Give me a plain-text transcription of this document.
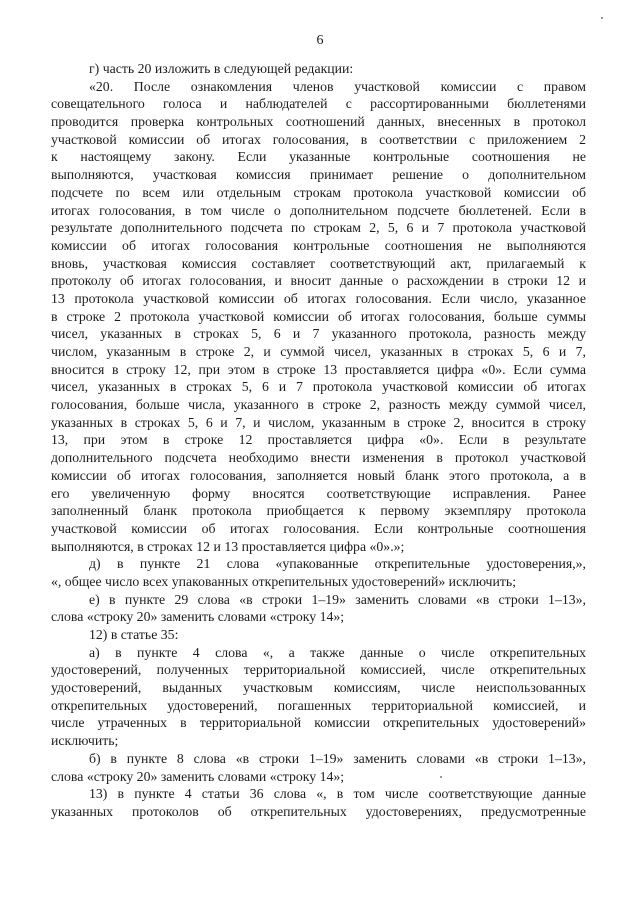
6
г) часть 20 изложить в следующей редакции:
«20. После ознакомления членов участковой комиссии с правом
совещательного голоса и наблюдателей с рассортированными бюллетенями
проводится проверка контрольных соотношений данных, внесенных в протокол
участковой комиссии об итогах голосования, в соответствии с приложением 2
к настоящему закону. Если указанные контрольные соотношения не
выполняются, участковая комиссия принимает решение о дополнительном
подсчете по всем или отдельным строкам протокола участковой комиссии об
итогах голосования, в том числе о дополнительном подсчете бюллетеней. Если в
результате дополнительного подсчета по строкам 2, 5, 6 и 7 протокола участковой
комиссии об итогах голосования контрольные соотношения не выполняются
вновь, участковая комиссия составляет соответствующий акт, прилагаемый к
протоколу об итогах голосования, и вносит данные о расхождении в строки 12 и
13 протокола участковой комиссии об итогах голосования. Если число, указанное
в строке 2 протокола участковой комиссии об итогах голосования, больше суммы
чисел, указанных в строках 5, 6 и 7 указанного протокола, разность между
числом, указанным в строке 2, и суммой чисел, указанных в строках 5, 6 и 7,
вносится в строку 12, при этом в строке 13 проставляется цифра «0». Если сумма
чисел, указанных в строках 5, 6 и 7 протокола участковой комиссии об итогах
голосования, больше числа, указанного в строке 2, разность между суммой чисел,
указанных в строках 5, 6 и 7, и числом, указанным в строке 2, вносится в строку
13, при этом в строке 12 проставляется цифра «0». Если в результате
дополнительного подсчета необходимо внести изменения в протокол участковой
комиссии об итогах голосования, заполняется новый бланк этого протокола, а в
его увеличенную форму вносятся соответствующие исправления. Ранее
заполненный бланк протокола приобщается к первому экземпляру протокола
участковой комиссии об итогах голосования. Если контрольные соотношения
выполняются, в строках 12 и 13 проставляется цифра «0».»;
д) в пункте 21 слова «упакованные открепительные удостоверения,»,
«, общее число всех упакованных открепительных удостоверений» исключить;
е) в пункте 29 слова «в строки 1–19» заменить словами «в строки 1–13»,
слова «строку 20» заменить словами «строку 14»;
12) в статье 35:
а) в пункте 4 слова «, а также данные о числе открепительных
удостоверений, полученных территориальной комиссией, числе открепительных
удостоверений, выданных участковым комиссиям, числе неиспользованных
открепительных удостоверений, погашенных территориальной комиссией, и
числе утраченных в территориальной комиссии открепительных удостоверений»
исключить;
б) в пункте 8 слова «в строки 1–19» заменить словами «в строки 1–13»,
слова «строку 20» заменить словами «строку 14»;
13) в пункте 4 статьи 36 слова «, в том числе соответствующие данные
указанных протоколов об открепительных удостоверениях, предусмотренные
